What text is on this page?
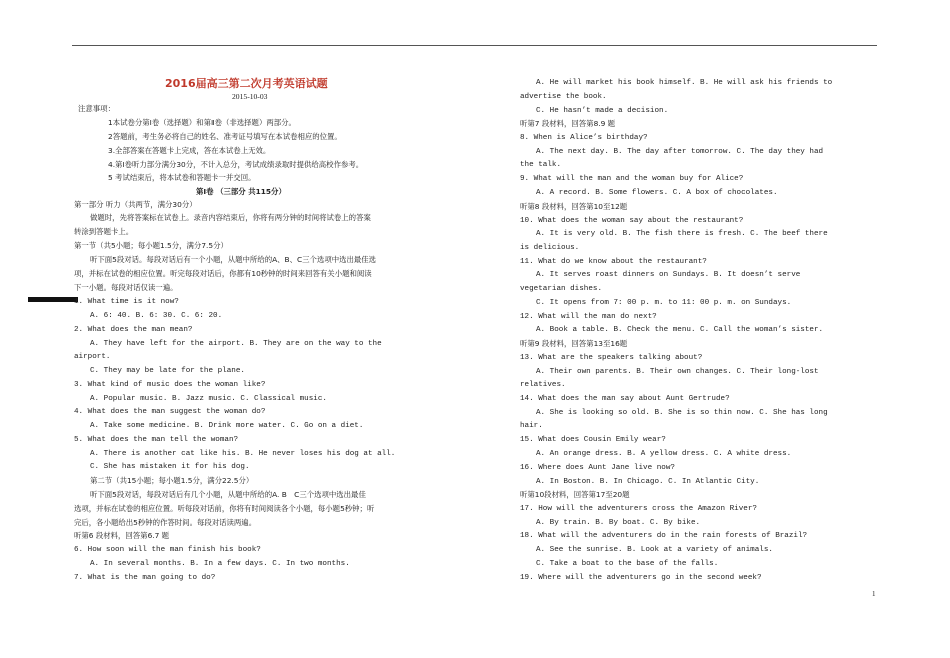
2016届高三第二次月考英语试题
2015-10-03
注意事项：
1本试卷分第Ⅰ卷（选择题）和第Ⅱ卷（非选择题）两部分。
2答题前，考生务必将自己的姓名、准考证号填写在本试卷相应的位置。
3.全部答案在答题卡上完成，答在本试卷上无效。
4.第Ⅰ卷听力部分满分30分，不计入总分，考试成绩录取时提供给高校作参考。
5 考试结束后，将本试卷和答题卡一并交回。
第Ⅰ卷 （三部分 共115分）
第一部分 听力（共两节，满分30分）
做题时，先将答案标在试卷上。录音内容结束后，你将有两分钟的时间将试卷上的答案
转涂到答题卡上。
第一节（共5小题；每小题1.5分，满分7.5分）
听下面5段对话。每段对话后有一个小题，从题中所给的A、B、C三个选项中选出最佳选
项，并标在试卷的相应位置。听完每段对话后，你都有10秒钟的时间来回答有关小题和阅读
下一小题。每段对话仅读一遍。
1. What time is it now?
A. 6: 40. B. 6: 30. C. 6: 20.
2. What does the man mean?
A. They have left for the airport. B. They are on the way to the
airport.
C. They may be late for the plane.
3. What kind of music does the woman like?
A. Popular music. B. Jazz music. C. Classical music.
4. What does the man suggest the woman do?
A. Take some medicine. B. Drink more water. C. Go on a diet.
5. What does the man tell the woman?
A. There is another cat like his. B. He never loses his dog at all.
C. She has mistaken it for his dog.
第二节（共15小题；每小题1.5分，满分22.5分）
听下面5段对话，每段对话后有几个小题，从题中所给的A. B　C三个选项中选出最佳
选项，并标在试卷的相应位置。听每段对话前，你将有时间阅读各个小题，每小题5秒钟；听
完后，各小题给出5秒钟的作答时间。每段对话读两遍。
听第6 段材料，回答第6.7 题
6. How soon will the man finish his book?
A. In several months. B. In a few days. C. In two months.
7. What is the man going to do?
A. He will market his book himself. B. He will ask his friends to
advertise the book.
C. He hasn’t made a decision.
听第7 段材料，回答第8.9 题
8. When is Alice’s birthday?
A. The next day. B. The day after tomorrow. C. The day they had
the talk.
9. What will the man and the woman buy for Alice?
A. A record. B. Some flowers. C. A box of chocolates.
听第8 段材料，回答第10至12题
10. What does the woman say about the restaurant?
A. It is very old. B. The fish there is fresh. C. The beef there
is delicious.
11. What do we know about the restaurant?
A. It serves roast dinners on Sundays. B. It doesn’t serve
vegetarian dishes.
C. It opens from 7: 00 p. m. to 11: 00 p. m. on Sundays.
12. What will the man do next?
A. Book a table. B. Check the menu. C. Call the woman’s sister.
听第9 段材料，回答第13至16题
13. What are the speakers talking about?
A. Their own parents. B. Their own changes. C. Their long-lost
relatives.
14. What does the man say about Aunt Gertrude?
A. She is looking so old. B. She is so thin now. C. She has long
hair.
15. What does Cousin Emily wear?
A. An orange dress. B. A yellow dress. C. A white dress.
16. Where does Aunt Jane live now?
A. In Boston. B. In Chicago. C. In Atlantic City.
听第10段材料，回答第17至20题
17. How will the adventurers cross the Amazon River?
A. By train. B. By boat. C. By bike.
18. What will the adventurers do in the rain forests of Brazil?
A. See the sunrise. B. Look at a variety of animals.
C. Take a boat to the base of the falls.
19. Where will the adventurers go in the second week?
1
